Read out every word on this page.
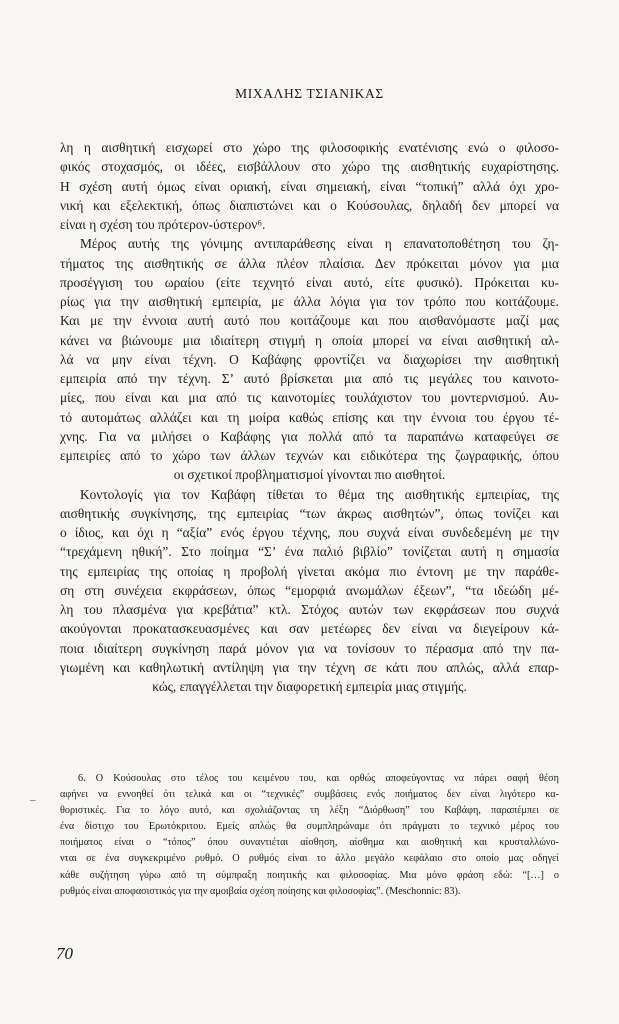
ΜΙΧΑΛΗΣ ΤΣΙΑΝΙΚΑΣ
λη η αισθητική εισχωρεί στο χώρο της φιλοσοφικής ενατένισης ενώ ο φιλοσο-
φικός στοχασμός, οι ιδέες, εισβάλλουν στο χώρο της αισθητικής ευχαρίστησης.
Η σχέση αυτή όμως είναι οριακή, είναι σημειακή, είναι “τοπική” αλλά όχι χρο-
νική και εξελεκτική, όπως διαπιστώνει και ο Κούσουλας, δηλαδή δεν μπορεί να
είναι η σχέση του πρότερον-ύστερον⁶.
Μέρος αυτής της γόνιμης αντιπαράθεσης είναι η επανατοποθέτηση του ζη-
τήματος της αισθητικής σε άλλα πλέον πλαίσια. Δεν πρόκειται μόνον για μια
προσέγγιση του ωραίου (είτε τεχνητό είναι αυτό, είτε φυσικό). Πρόκειται κυ-
ρίως για την αισθητική εμπειρία, με άλλα λόγια για τον τρόπο που κοιτάζουμε.
Και με την έννοια αυτή αυτό που κοιτάζουμε και που αισθανόμαστε μαζί μας
κάνει να βιώνουμε μια ιδιαίτερη στιγμή η οποία μπορεί να είναι αισθητική αλ-
λά να μην είναι τέχνη. Ο Καβάφης φροντίζει να διαχωρίσει την αισθητική
εμπειρία από την τέχνη. Σ’ αυτό βρίσκεται μια από τις μεγάλες του καινοτο-
μίες, που είναι και μια από τις καινοτομίες τουλάχιστον του μοντερνισμού. Αυ-
τό αυτομάτως αλλάζει και τη μοίρα καθώς επίσης και την έννοια του έργου τέ-
χνης. Για να μιλήσει ο Καβάφης για πολλά από τα παραπάνω καταφεύγει σε
εμπειρίες από το χώρο των άλλων τεχνών και ειδικότερα της ζωγραφικής, όπου
οι σχετικοί προβληματισμοί γίνονται πιο αισθητοί.
Κοντολογίς για τον Καβάφη τίθεται το θέμα της αισθητικής εμπειρίας, της
αισθητικής συγκίνησης, της εμπειρίας “των άκρως αισθητών”, όπως τονίζει και
ο ίδιος, και όχι η “αξία” ενός έργου τέχνης, που συχνά είναι συνδεδεμένη με την
“τρεχάμενη ηθική”. Στο ποίημα “Σ’ ένα παλιό βιβλίο” τονίζεται αυτή η σημασία
της εμπειρίας της οποίας η προβολή γίνεται ακόμα πιο έντονη με την παράθε-
ση στη συνέχεια εκφράσεων, όπως “εμορφιά ανωμάλων έξεων”, “τα ιδεώδη μέ-
λη του πλασμένα για κρεβάτια” κτλ. Στόχος αυτών των εκφράσεων που συχνά
ακούγονται προκατασκευασμένες και σαν μετέωρες δεν είναι να διεγείρουν κά-
ποια ιδιαίτερη συγκίνηση παρά μόνον για να τονίσουν το πέρασμα από την πα-
γιωμένη και καθηλωτική αντίληψη για την τέχνη σε κάτι που απλώς, αλλά επαρ-
κώς, επαγγέλλεται την διαφορετική εμπειρία μιας στιγμής.
–
6. Ο Κούσουλας στο τέλος του κειμένου του, και ορθώς αποφεύγοντας να πάρει σαφή θέση
αφήνει να εννοηθεί ότι τελικά και οι “τεχνικές” συμβάσεις ενός ποιήματος δεν είναι λιγότερο κα-
θοριστικές. Για το λόγο αυτό, και σχολιάζοντας τη λέξη “Διόρθωση” του Καβάφη, παραπέμπει σε
ένα δίστιχο του Ερωτόκριτου. Εμείς απλώς θα συμπληρώναμε ότι πράγματι το τεχνικό μέρος του
ποιήματος είναι ο “τόπος” όπου συναντιέται αίσθηση, αίσθημα και αισθητική και κρυσταλλώνο-
νται σε ένα συγκεκριμένο ρυθμό. Ο ρυθμός είναι το άλλο μεγάλο κεφάλαιο στο οποίο μας οδηγεί
κάθε συζήτηση γύρω από τη σύμπραξη ποιητικής και φιλοσοφίας. Μια μόνο φράση εδώ: “[…] ο
ρυθμός είναι αποφασιστικός για την αμοιβαία σχέση ποίησης και φιλοσοφίας”. (Meschonnic: 83).
70
